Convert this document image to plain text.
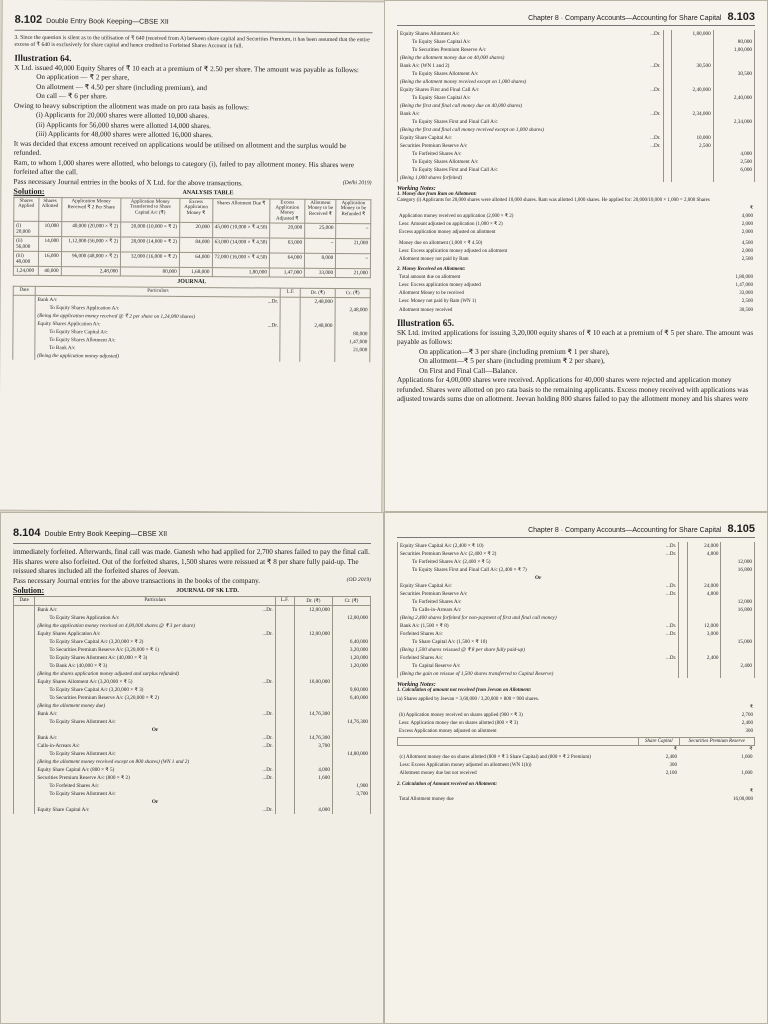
8.102 Double Entry Book Keeping—CBSE XII

3. Since the question is silent as to the utilisation of ₹ 640 (received from A) between share capital and Securities Premium, it has been assumed that the entire excess of ₹ 640 is exclusively for share capital and hence credited to Forfeited Shares Account in full.

Illustration 64.

X Ltd. issued 40,000 Equity Shares of ₹ 10 each at a premium of ₹ 2.50 per share. The amount was payable as follows:

On application — ₹ 2 per share,
On allotment — ₹ 4.50 per share (including premium), and
On call — ₹ 6 per share.

Owing to heavy subscription the allotment was made on pro rata basis as follows:

(i) Applicants for 20,000 shares were allotted 10,000 shares.
(ii) Applicants for 56,000 shares were allotted 14,000 shares.
(iii) Applicants for 48,000 shares were allotted 16,000 shares.

It was decided that excess amount received on applications would be utilised on allotment and the surplus would be refunded.

Ram, to whom 1,000 shares were allotted, who belongs to category (i), failed to pay allotment money. His shares were forfeited after the call.

Pass necessary Journal entries in the books of X Ltd. for the above transactions.	(Delhi 2019)

Solution:	ANALYSIS TABLE
Shares Applied	Shares Allotted	Application Money Received ₹ 2 Per Share	Application Money Transferred to Share Capital A/c (₹)	Excess Application Money ₹	Shares Allotment Due ₹	Excess Application Money Adjusted ₹	Allotment Money to be Received ₹	Application Money to be Refunded ₹
(i) 20,000	10,000	40,000 (20,000 × ₹ 2)	20,000 (10,000 × ₹ 2)	20,000	45,000 (10,000 × ₹ 4.50)	20,000	25,000	–
(ii) 56,000	14,000	1,12,000 (56,000 × ₹ 2)	28,000 (14,000 × ₹ 2)	84,000	63,000 (14,000 × ₹ 4.50)	63,000	–	21,000
(iii) 48,000	16,000	96,000 (48,000 × ₹ 2)	32,000 (16,000 × ₹ 2)	64,000	72,000 (16,000 × ₹ 4.50)	64,000	8,000	–
1,24,000	40,000	2,48,000	80,000	1,68,000	1,80,000	1,47,000	33,000	21,000
JOURNAL
Date	Particulars	L.F.	Dr. (₹)	Cr. (₹)

	Bank A/c ...Dr.		2,48,000	

	To Equity Shares Application A/c			2,48,000

	(Being the application money received @ ₹ 2 per share on 1,24,000 shares)			

	Equity Shares Application A/c ...Dr.		2,48,000	

	To Equity Share Capital A/c			80,000

	To Equity Shares Allotment A/c			1,47,000

	To Bank A/c			21,000

	(Being the application money adjusted)			

Chapter 8 · Company Accounts—Accounting for Share Capital 8.103
Equity Shares Allotment A/c ...Dr.		1,80,000	

To Equity Share Capital A/c			80,000

To Securities Premium Reserve A/c			1,00,000

(Being the allotment money due on 40,000 shares)			

Bank A/c (WN 1 and 2) ...Dr.		30,500	

To Equity Shares Allotment A/c			30,500

(Being the allotment money received except on 1,000 shares)			

Equity Shares First and Final Call A/c ...Dr.		2,40,000	

To Equity Share Capital A/c			2,40,000

(Being the first and final call money due on 40,000 shares)			

Bank A/c ...Dr.		2,34,000	

To Equity Shares First and Final Call A/c			2,34,000

(Being the first and final call money received except on 1,000 shares)			

Equity Share Capital A/c ...Dr.		10,000	

Securities Premium Reserve A/c ...Dr.		2,500	

To Forfeited Shares A/c			4,000

To Equity Shares Allotment A/c			2,500

To Equity Shares First and Final Call A/c			6,000

(Being 1,000 shares forfeited)			

Working Notes:
1. Money due from Ram on Allotment:
Category (i) Applicants for 20,000 shares were allotted 10,000 shares. Ram was allotted 1,000 shares. He applied for: 20,000/10,000 × 1,000 = 2,000 Shares
	₹
Application money received on application (2,000 × ₹ 2)	4,000
Less: Amount adjusted on application (1,000 × ₹ 2)	2,000
Excess application money adjusted on allotment	2,000

Money due on allotment (1,000 × ₹ 4.50)	4,500
Less: Excess application money adjusted on allotment	2,000
Allotment money not paid by Ram	2,500
2. Money Received on Allotment:
Total amount due on allotment	1,80,000
Less: Excess application money adjusted	1,47,000
Allotment Money to be received	33,000
Less: Money not paid by Ram (WN 1)	2,500
Allotment money received	30,500
Illustration 65.

SK Ltd. invited applications for issuing 3,20,000 equity shares of ₹ 10 each at a premium of ₹ 5 per share. The amount was payable as follows:

On application—₹ 3 per share (including premium ₹ 1 per share),
On allotment—₹ 5 per share (including premium ₹ 2 per share),
On First and Final Call—Balance.

Applications for 4,00,000 shares were received. Applications for 40,000 shares were rejected and application money refunded. Shares were allotted on pro rata basis to the remaining applicants. Excess money received with applications was adjusted towards sums due on allotment. Jeevan holding 800 shares failed to pay the allotment money and his shares were

8.104 Double Entry Book Keeping—CBSE XII

immediately forfeited. Afterwards, final call was made. Ganesh who had applied for 2,700 shares failed to pay the final call. His shares were also forfeited. Out of the forfeited shares, 1,500 shares were reissued at ₹ 8 per share fully paid-up. The reissued shares included all the forfeited shares of Jeevan.

Pass necessary Journal entries for the above transactions in the books of the company.	(OD 2019)

Solution:	JOURNAL OF SK LTD.
Date	Particulars	L.F.	Dr. (₹)	Cr. (₹)

	Bank A/c ...Dr.		12,00,000	

	To Equity Shares Application A/c			12,00,000

	(Being the application money received on 4,00,000 shares @ ₹ 3 per share)			

	Equity Shares Application A/c ...Dr.		12,00,000	

	To Equity Share Capital A/c (3,20,000 × ₹ 2)			6,40,000

	To Securities Premium Reserve A/c (3,20,000 × ₹ 1)			3,20,000

	To Equity Shares Allotment A/c (40,000 × ₹ 3)			1,20,000

	To Bank A/c (40,000 × ₹ 3)			1,20,000

	(Being the shares application money adjusted and surplus refunded)			

	Equity Shares Allotment A/c (3,20,000 × ₹ 5) ...Dr.		16,00,000	

	To Equity Share Capital A/c (3,20,000 × ₹ 3)			9,60,000

	To Securities Premium Reserve A/c (3,20,000 × ₹ 2)			6,40,000

	(Being the allotment money due)			

	Bank A/c ...Dr.		14,76,300	

	To Equity Shares Allotment A/c			14,76,300

	Or			

	Bank A/c ...Dr.		14,76,300	

	Calls-in-Arrears A/c ...Dr.		3,700	

	To Equity Shares Allotment A/c			14,80,000

	(Being the allotment money received except on 800 shares) (WN 1 and 2)			

	Equity Share Capital A/c (800 × ₹ 5) ...Dr.		4,000	

	Securities Premium Reserve A/c (800 × ₹ 2) ...Dr.		1,600	

	To Forfeited Shares A/c			1,900

	To Equity Shares Allotment A/c			3,700

	Or			

	Equity Share Capital A/c ...Dr.		4,000	
Chapter 8 · Company Accounts—Accounting for Share Capital 8.105
Equity Share Capital A/c (2,400 × ₹ 10) ...Dr.		24,000	

Securities Premium Reserve A/c (2,400 × ₹ 2) ...Dr.		4,800	

To Forfeited Shares A/c (2,400 × ₹ 5)			12,000

To Equity Shares First and Final Call A/c (2,400 × ₹ 7)			16,800

Or			

Equity Share Capital A/c ...Dr.		24,000	

Securities Premium Reserve A/c ...Dr.		4,800	

To Forfeited Shares A/c			12,000

To Calls-in-Arrears A/c			16,800

(Being 2,400 shares forfeited for non-payment of first and final call money)			

Bank A/c (1,500 × ₹ 8) ...Dr.		12,000	

Forfeited Shares A/c ...Dr.		3,000	

To Share Capital A/c (1,500 × ₹ 10)			15,000

(Being 1,500 shares reissued @ ₹ 8 per share fully paid-up)			

Forfeited Shares A/c ...Dr.		2,400	

To Capital Reserve A/c			2,400

(Being the gain on reissue of 1,500 shares transferred to Capital Reserve)			

Working Notes:
1. Calculation of amount not received from Jeevan on Allotment:
(a) Shares applied by Jeevan = 3,60,000 / 3,20,000 × 800 = 900 shares.
	₹
(b) Application money received on shares applied (900 × ₹ 3)	2,700
Less: Application money due on shares allotted (800 × ₹ 3)	2,400
Excess Application money adjusted on allotment	300
	Share Capital	Securities Premium Reserve
	₹	₹
(c) Allotment money due on shares allotted (800 × ₹ 3 Share Capital) and (800 × ₹ 2 Premium)	2,400	1,600
Less: Excess Application money adjusted on allotment (WN 1(b))	300	
Allotment money due but not received	2,100	1,600
2. Calculation of Amount received on Allotment:
	₹
Total Allotment money due	16,00,000
